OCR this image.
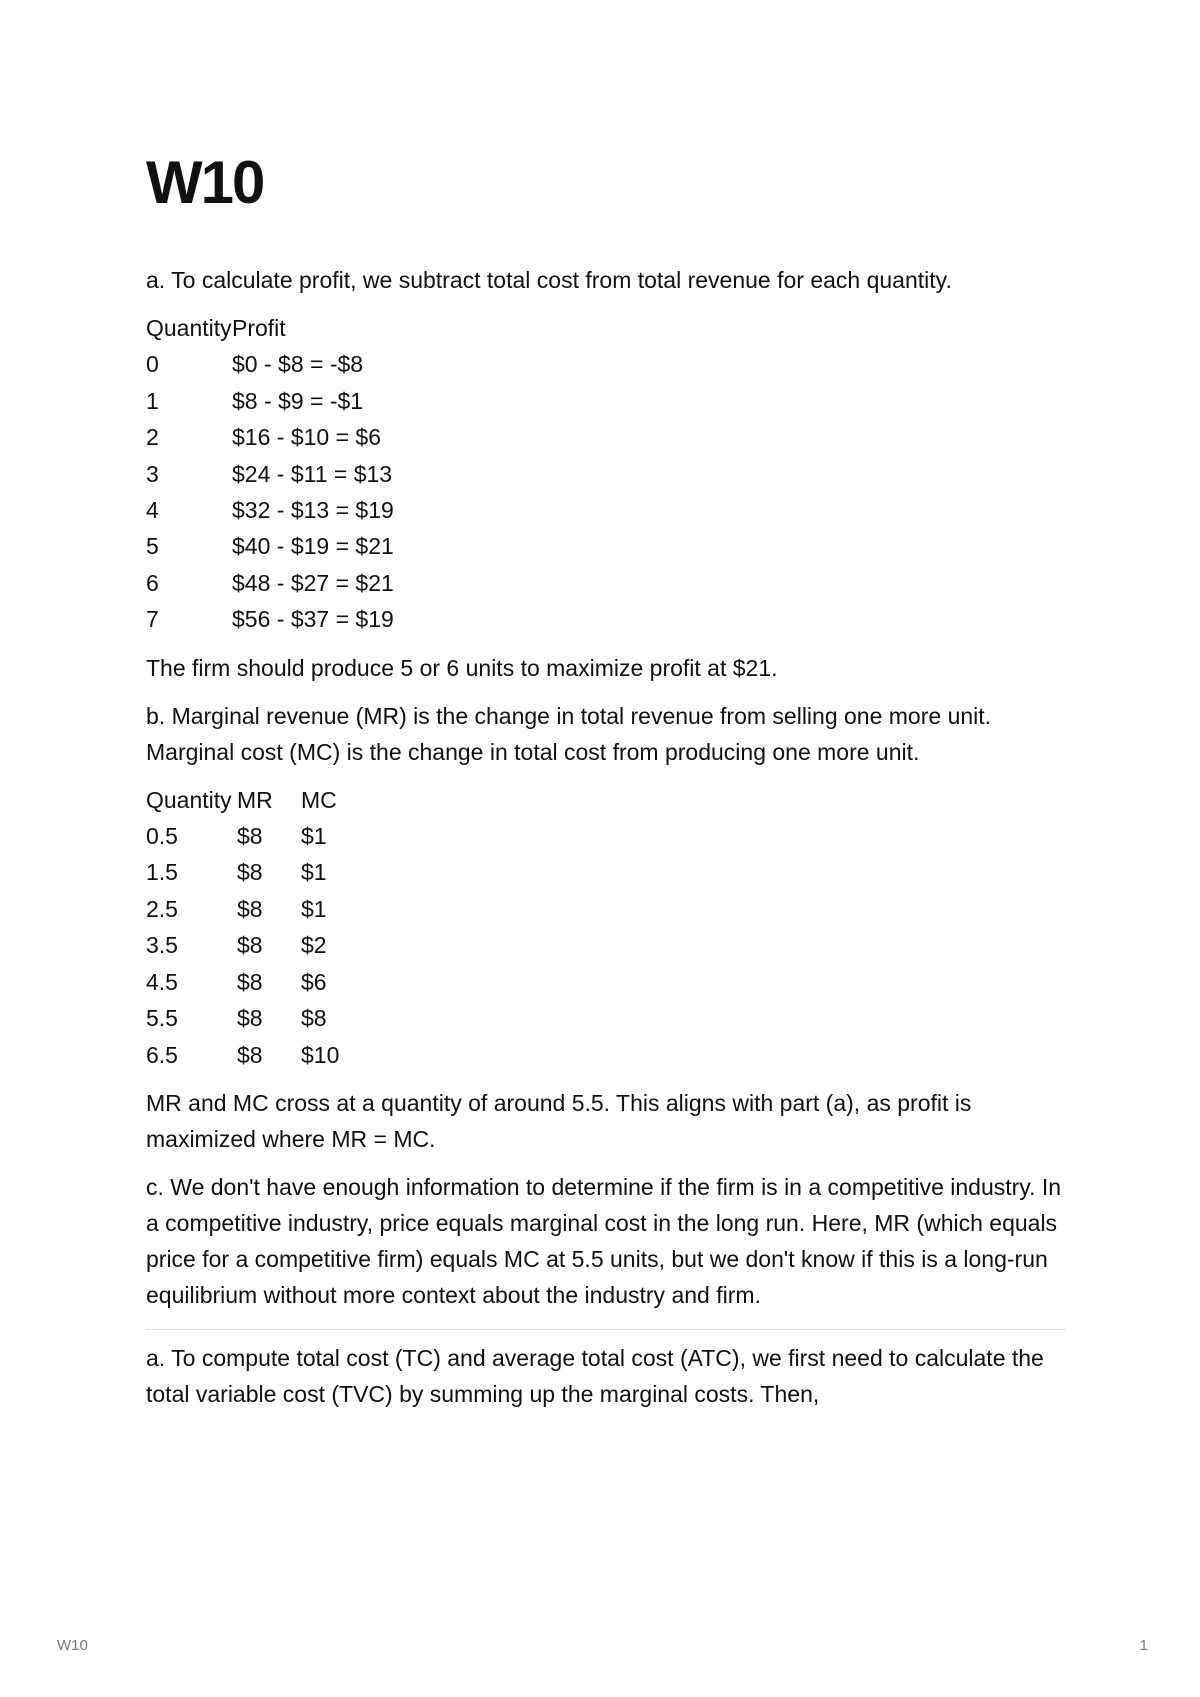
W10

a. To calculate profit, we subtract total cost from total revenue for each quantity.

Quantity Profit
0	$0 - $8 = -$8
1	$8 - $9 = -$1
2	$16 - $10 = $6
3	$24 - $11 = $13
4	$32 - $13 = $19
5	$40 - $19 = $21
6	$48 - $27 = $21
7	$56 - $37 = $19

The firm should produce 5 or 6 units to maximize profit at $21.

b. Marginal revenue (MR) is the change in total revenue from selling one more unit. Marginal cost (MC) is the change in total cost from producing one more unit.

Quantity MR	MC
0.5	$8	$1
1.5	$8	$1
2.5	$8	$1
3.5	$8	$2
4.5	$8	$6
5.5	$8	$8
6.5	$8	$10

MR and MC cross at a quantity of around 5.5. This aligns with part (a), as profit is maximized where MR = MC.

c. We don't have enough information to determine if the firm is in a competitive industry. In a competitive industry, price equals marginal cost in the long run. Here, MR (which equals price for a competitive firm) equals MC at 5.5 units, but we don't know if this is a long-run equilibrium without more context about the industry and firm.

a. To compute total cost (TC) and average total cost (ATC), we first need to calculate the total variable cost (TVC) by summing up the marginal costs. Then,

W10	1
